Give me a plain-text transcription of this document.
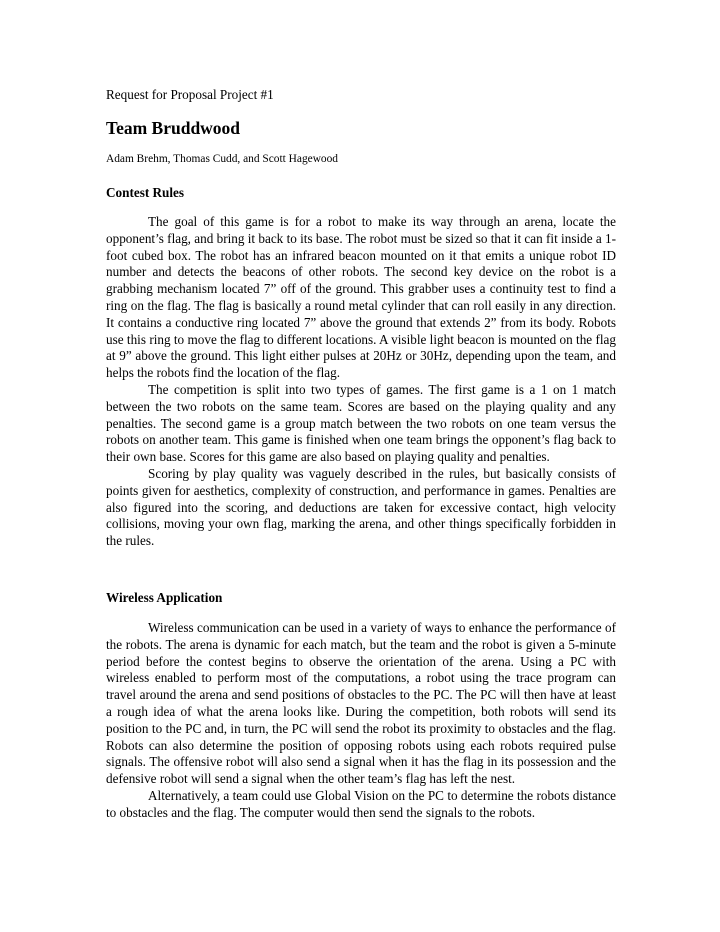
Request for Proposal Project #1

Team Bruddwood

Adam Brehm, Thomas Cudd, and Scott Hagewood

Contest Rules

The goal of this game is for a robot to make its way through an arena, locate the opponent’s flag, and bring it back to its base. The robot must be sized so that it can fit inside a 1-foot cubed box. The robot has an infrared beacon mounted on it that emits a unique robot ID number and detects the beacons of other robots. The second key device on the robot is a grabbing mechanism located 7” off of the ground. This grabber uses a continuity test to find a ring on the flag. The flag is basically a round metal cylinder that can roll easily in any direction. It contains a conductive ring located 7” above the ground that extends 2” from its body. Robots use this ring to move the flag to different locations. A visible light beacon is mounted on the flag at 9” above the ground. This light either pulses at 20Hz or 30Hz, depending upon the team, and helps the robots find the location of the flag.

The competition is split into two types of games. The first game is a 1 on 1 match between the two robots on the same team. Scores are based on the playing quality and any penalties. The second game is a group match between the two robots on one team versus the robots on another team. This game is finished when one team brings the opponent’s flag back to their own base. Scores for this game are also based on playing quality and penalties.

Scoring by play quality was vaguely described in the rules, but basically consists of points given for aesthetics, complexity of construction, and performance in games. Penalties are also figured into the scoring, and deductions are taken for excessive contact, high velocity collisions, moving your own flag, marking the arena, and other things specifically forbidden in the rules.

Wireless Application

Wireless communication can be used in a variety of ways to enhance the performance of the robots. The arena is dynamic for each match, but the team and the robot is given a 5-minute period before the contest begins to observe the orientation of the arena. Using a PC with wireless enabled to perform most of the computations, a robot using the trace program can travel around the arena and send positions of obstacles to the PC. The PC will then have at least a rough idea of what the arena looks like. During the competition, both robots will send its position to the PC and, in turn, the PC will send the robot its proximity to obstacles and the flag. Robots can also determine the position of opposing robots using each robots required pulse signals. The offensive robot will also send a signal when it has the flag in its possession and the defensive robot will send a signal when the other team’s flag has left the nest.

Alternatively, a team could use Global Vision on the PC to determine the robots distance to obstacles and the flag. The computer would then send the signals to the robots.
